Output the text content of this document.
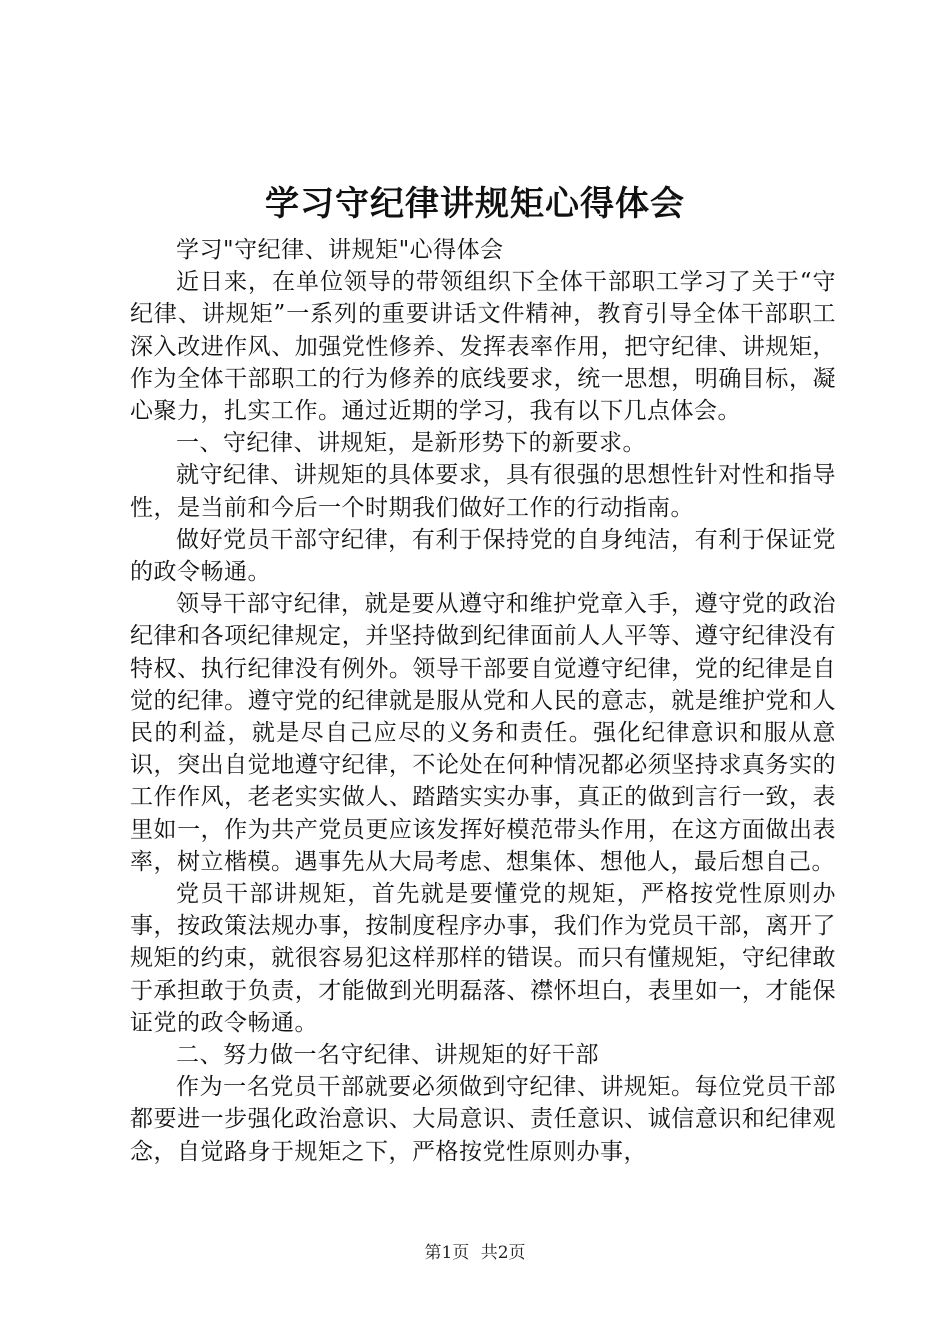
学习守纪律讲规矩心得体会

学习"守纪律、讲规矩"心得体会

近日来，在单位领导的带领组织下全体干部职工学习了关于“守纪律、讲规矩”一系列的重要讲话文件精神，教育引导全体干部职工深入改进作风、加强党性修养、发挥表率作用，把守纪律、讲规矩，作为全体干部职工的行为修养的底线要求，统一思想，明确目标，凝心聚力，扎实工作。通过近期的学习，我有以下几点体会。

一、守纪律、讲规矩，是新形势下的新要求。

就守纪律、讲规矩的具体要求，具有很强的思想性针对性和指导性，是当前和今后一个时期我们做好工作的行动指南。

做好党员干部守纪律，有利于保持党的自身纯洁，有利于保证党的政令畅通。

领导干部守纪律，就是要从遵守和维护党章入手，遵守党的政治纪律和各项纪律规定，并坚持做到纪律面前人人平等、遵守纪律没有特权、执行纪律没有例外。领导干部要自觉遵守纪律，党的纪律是自觉的纪律。遵守党的纪律就是服从党和人民的意志，就是维护党和人民的利益，就是尽自己应尽的义务和责任。强化纪律意识和服从意识，突出自觉地遵守纪律，不论处在何种情况都必须坚持求真务实的工作作风，老老实实做人、踏踏实实办事，真正的做到言行一致，表里如一，作为共产党员更应该发挥好模范带头作用，在这方面做出表率，树立楷模。遇事先从大局考虑、想集体、想他人，最后想自己。

党员干部讲规矩，首先就是要懂党的规矩，严格按党性原则办事，按政策法规办事，按制度程序办事，我们作为党员干部，离开了规矩的约束，就很容易犯这样那样的错误。而只有懂规矩，守纪律敢于承担敢于负责，才能做到光明磊落、襟怀坦白，表里如一，才能保证党的政令畅通。

二、努力做一名守纪律、讲规矩的好干部

作为一名党员干部就要必须做到守纪律、讲规矩。每位党员干部都要进一步强化政治意识、大局意识、责任意识、诚信意识和纪律观念，自觉路身于规矩之下，严格按党性原则办事，

第1页 共2页
